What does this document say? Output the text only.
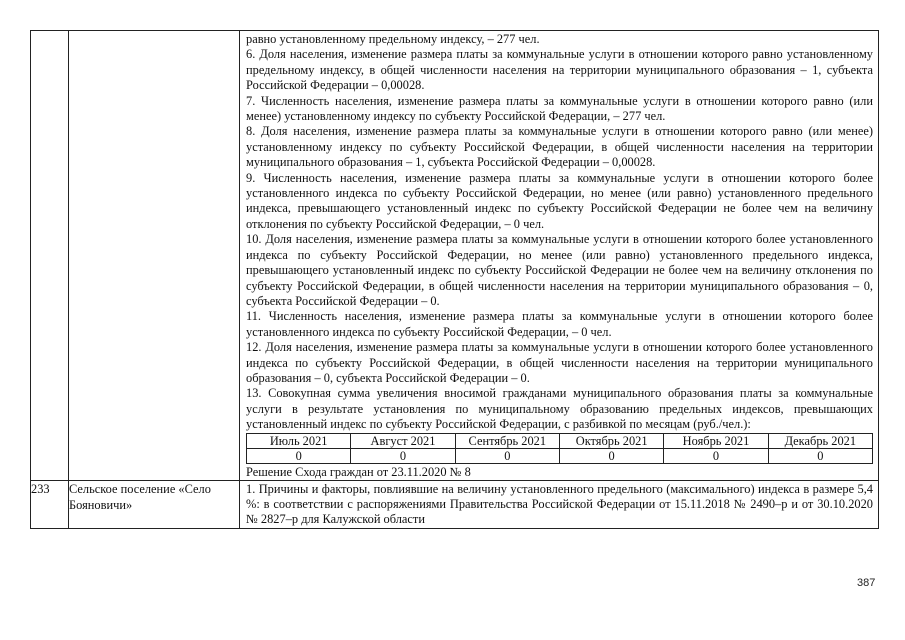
равно установленному предельному индексу, – 277 чел.

6. Доля населения, изменение размера платы за коммунальные услуги в отношении которого равно установленному предельному индексу, в общей численности населения на территории муниципального образования – 1, субъекта Российской Федерации – 0,00028.

7. Численность населения, изменение размера платы за коммунальные услуги в отношении которого равно (или менее) установленному индексу по субъекту Российской Федерации, – 277 чел.

8. Доля населения, изменение размера платы за коммунальные услуги в отношении которого равно (или менее) установленному индексу по субъекту Российской Федерации, в общей численности населения на территории муниципального образования – 1, субъекта Российской Федерации – 0,00028.

9. Численность населения, изменение размера платы за коммунальные услуги в отношении которого более установленного индекса по субъекту Российской Федерации, но менее (или равно) установленного предельного индекса, превышающего установленный индекс по субъекту Российской Федерации не более чем на величину отклонения по субъекту Российской Федерации, – 0 чел.

10. Доля населения, изменение размера платы за коммунальные услуги в отношении которого более установленного индекса по субъекту Российской Федерации, но менее (или равно) установленного предельного индекса, превышающего установленный индекс по субъекту Российской Федерации не более чем на величину отклонения по субъекту Российской Федерации, в общей численности населения на территории муниципального образования – 0, субъекта Российской Федерации – 0.

11. Численность населения, изменение размера платы за коммунальные услуги в отношении которого более установленного индекса по субъекту Российской Федерации, – 0 чел.

12. Доля населения, изменение размера платы за коммунальные услуги в отношении которого более установленного индекса по субъекту Российской Федерации, в общей численности населения на территории муниципального образования – 0, субъекта Российской Федерации – 0.

13. Совокупная сумма увеличения вносимой гражданами муниципального образования платы за коммунальные услуги в результате установления по муниципальному образованию предельных индексов, превышающих установленный индекс по субъекту Российской Федерации, с разбивкой по месяцам (руб./чел.):

Июль 2021	Август 2021	Сентябрь 2021	Октябрь 2021	Ноябрь 2021	Декабрь 2021
0	0	0	0	0	0
Решение Схода граждан от 23.11.2020 № 8

233	Сельское поселение «Село Бояновичи»	

1. Причины и факторы, повлиявшие на величину установленного предельного (максимального) индекса в размере 5,4 %: в соответствии с распоряжениями Правительства Российской Федерации от 15.11.2018 № 2490–р и от 30.10.2020 № 2827–р для Калужской области

387
